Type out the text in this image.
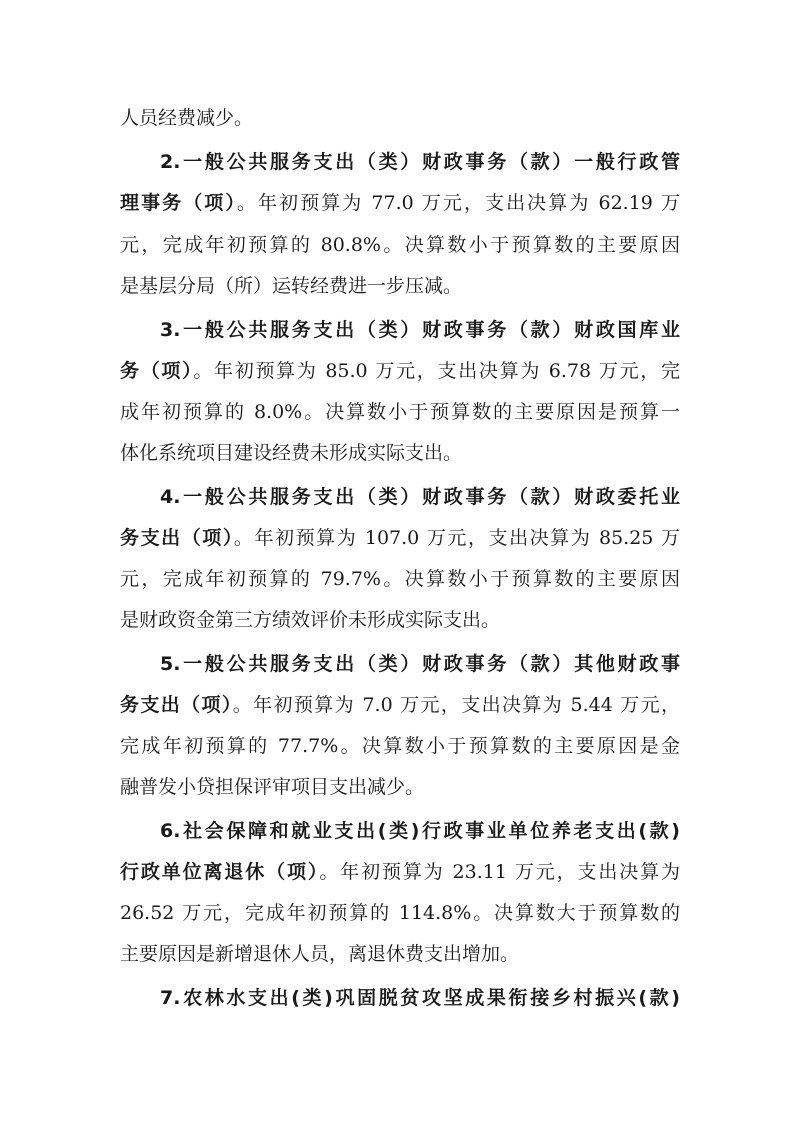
人员经费减少。
2.一般公共服务支出（类）财政事务（款）一般行政管
理事务（项）。年初预算为 77.0 万元，支出决算为 62.19 万
元，完成年初预算的 80.8%。决算数小于预算数的主要原因
是基层分局（所）运转经费进一步压减。
3.一般公共服务支出（类）财政事务（款）财政国库业
务（项）。年初预算为 85.0 万元，支出决算为 6.78 万元，完
成年初预算的 8.0%。决算数小于预算数的主要原因是预算一
体化系统项目建设经费未形成实际支出。
4.一般公共服务支出（类）财政事务（款）财政委托业
务支出（项）。年初预算为 107.0 万元，支出决算为 85.25 万
元，完成年初预算的 79.7%。决算数小于预算数的主要原因
是财政资金第三方绩效评价未形成实际支出。
5.一般公共服务支出（类）财政事务（款）其他财政事
务支出（项）。年初预算为 7.0 万元，支出决算为 5.44 万元，
完成年初预算的 77.7%。决算数小于预算数的主要原因是金
融普发小贷担保评审项目支出减少。
6.社会保障和就业支出(类)行政事业单位养老支出(款)
行政单位离退休（项）。年初预算为 23.11 万元，支出决算为
26.52 万元，完成年初预算的 114.8%。决算数大于预算数的
主要原因是新增退休人员，离退休费支出增加。
7.农林水支出(类)巩固脱贫攻坚成果衔接乡村振兴(款)
